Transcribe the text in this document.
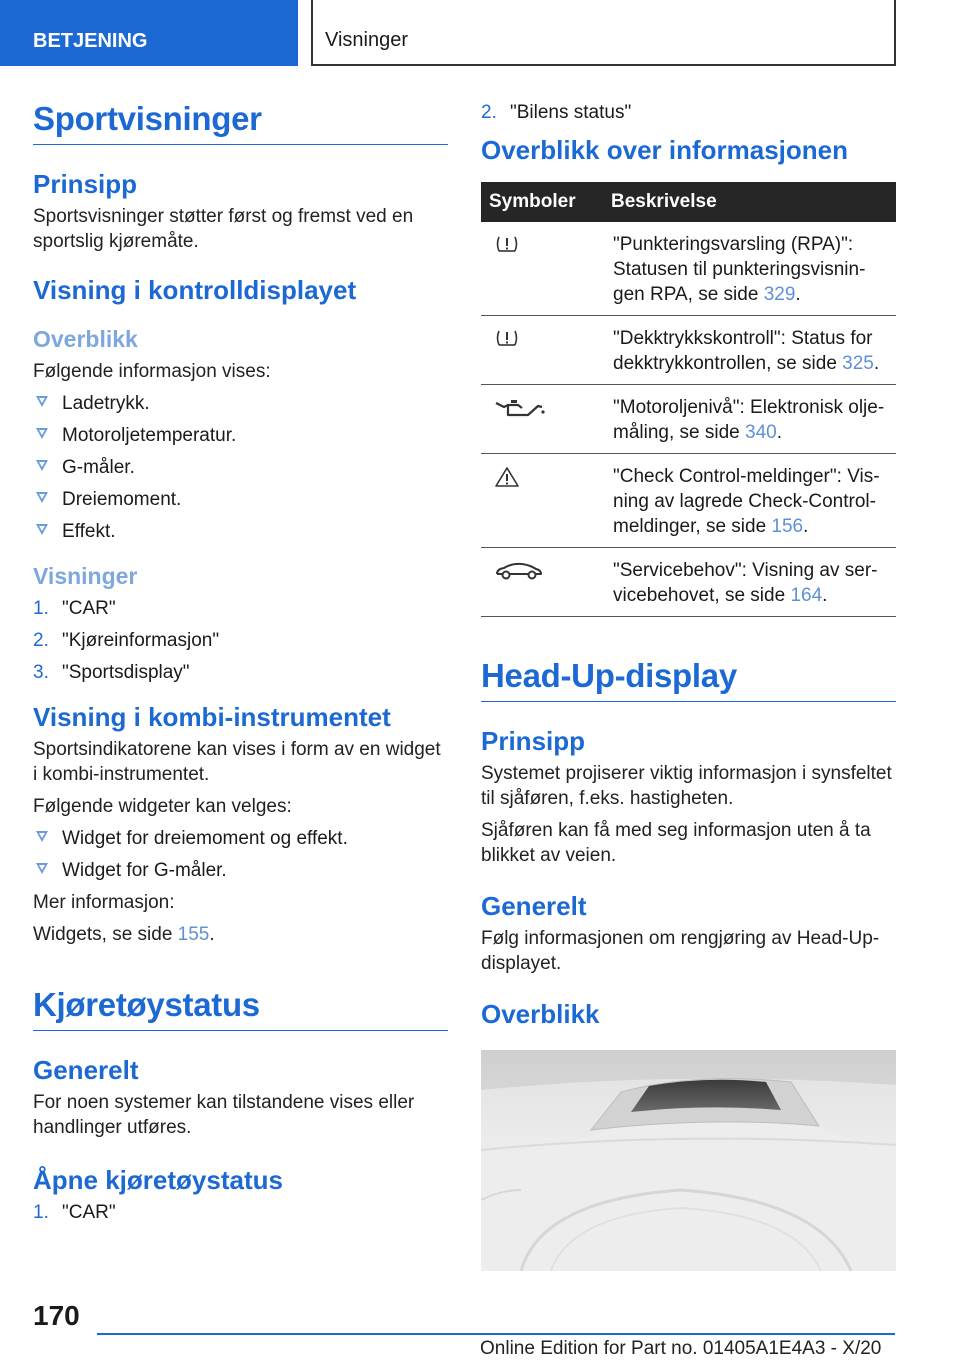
BETJENING	Visninger
Sportvisninger
Prinsipp
Sportsvisninger støtter først og fremst ved en sportslig kjøremåte.
Visning i kontrolldisplayet
Overblikk
Følgende informasjon vises:
Ladetrykk.
Motoroljetemperatur.
G-måler.
Dreiemoment.
Effekt.
Visninger
1. "CAR"
2. "Kjøreinformasjon"
3. "Sportsdisplay"
Visning i kombi-instrumentet
Sportsindikatorene kan vises i form av en widget i kombi-instrumentet.
Følgende widgeter kan velges:
Widget for dreiemoment og effekt.
Widget for G-måler.
Mer informasjon:
Widgets, se side 155.
Kjøretøystatus
Generelt
For noen systemer kan tilstandene vises eller handlinger utføres.
Åpne kjøretøystatus
1. "CAR"
2. "Bilens status"
Overblikk over informasjonen
Symboler	Beskrivelse
	"Punkteringsvarsling (RPA)": Statusen til punkteringsvisnin-gen RPA, se side 329.
	"Dekktrykkskontroll": Status for dekktrykkontrollen, se side 325.
	"Motoroljenivå": Elektronisk olje-måling, se side 340.
	"Check Control-meldinger": Vis-ning av lagrede Check-Control-meldinger, se side 156.
	"Servicebehov": Visning av ser-vicebehovet, se side 164.
Head-Up-display
Prinsipp
Systemet projiserer viktig informasjon i synsfeltet til sjåføren, f.eks. hastigheten.
Sjåføren kan få med seg informasjon uten å ta blikket av veien.
Generelt
Følg informasjonen om rengjøring av Head-Up-displayet.
Overblikk
170
Online Edition for Part no. 01405A1E4A3 - X/20
